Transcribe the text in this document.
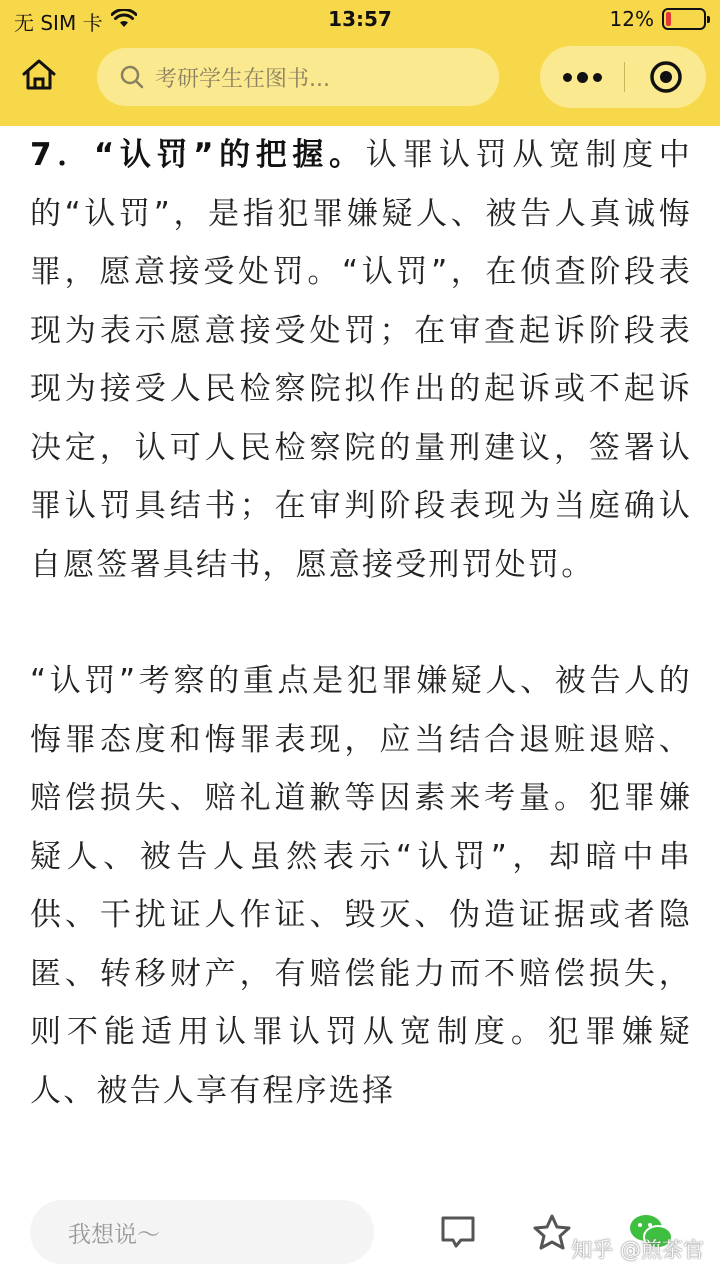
无 SIM 卡	13:57	12%
考研学生在图书...

7．“认罚”的把握。认罪认罚从宽制度中的“认罚”，是指犯罪嫌疑人、被告人真诚悔罪，愿意接受处罚。“认罚”，在侦查阶段表现为表示愿意接受处罚；在审查起诉阶段表现为接受人民检察院拟作出的起诉或不起诉决定，认可人民检察院的量刑建议，签署认罪认罚具结书；在审判阶段表现为当庭确认自愿签署具结书，愿意接受刑罚处罚。

“认罚”考察的重点是犯罪嫌疑人、被告人的悔罪态度和悔罪表现，应当结合退赃退赔、赔偿损失、赔礼道歉等因素来考量。犯罪嫌疑人、被告人虽然表示“认罚”，却暗中串供、干扰证人作证、毁灭、伪造证据或者隐匿、转移财产，有赔偿能力而不赔偿损失，则不能适用认罪认罚从宽制度。犯罪嫌疑人、被告人享有程序选择

我想说～
知乎 @煎茶官
